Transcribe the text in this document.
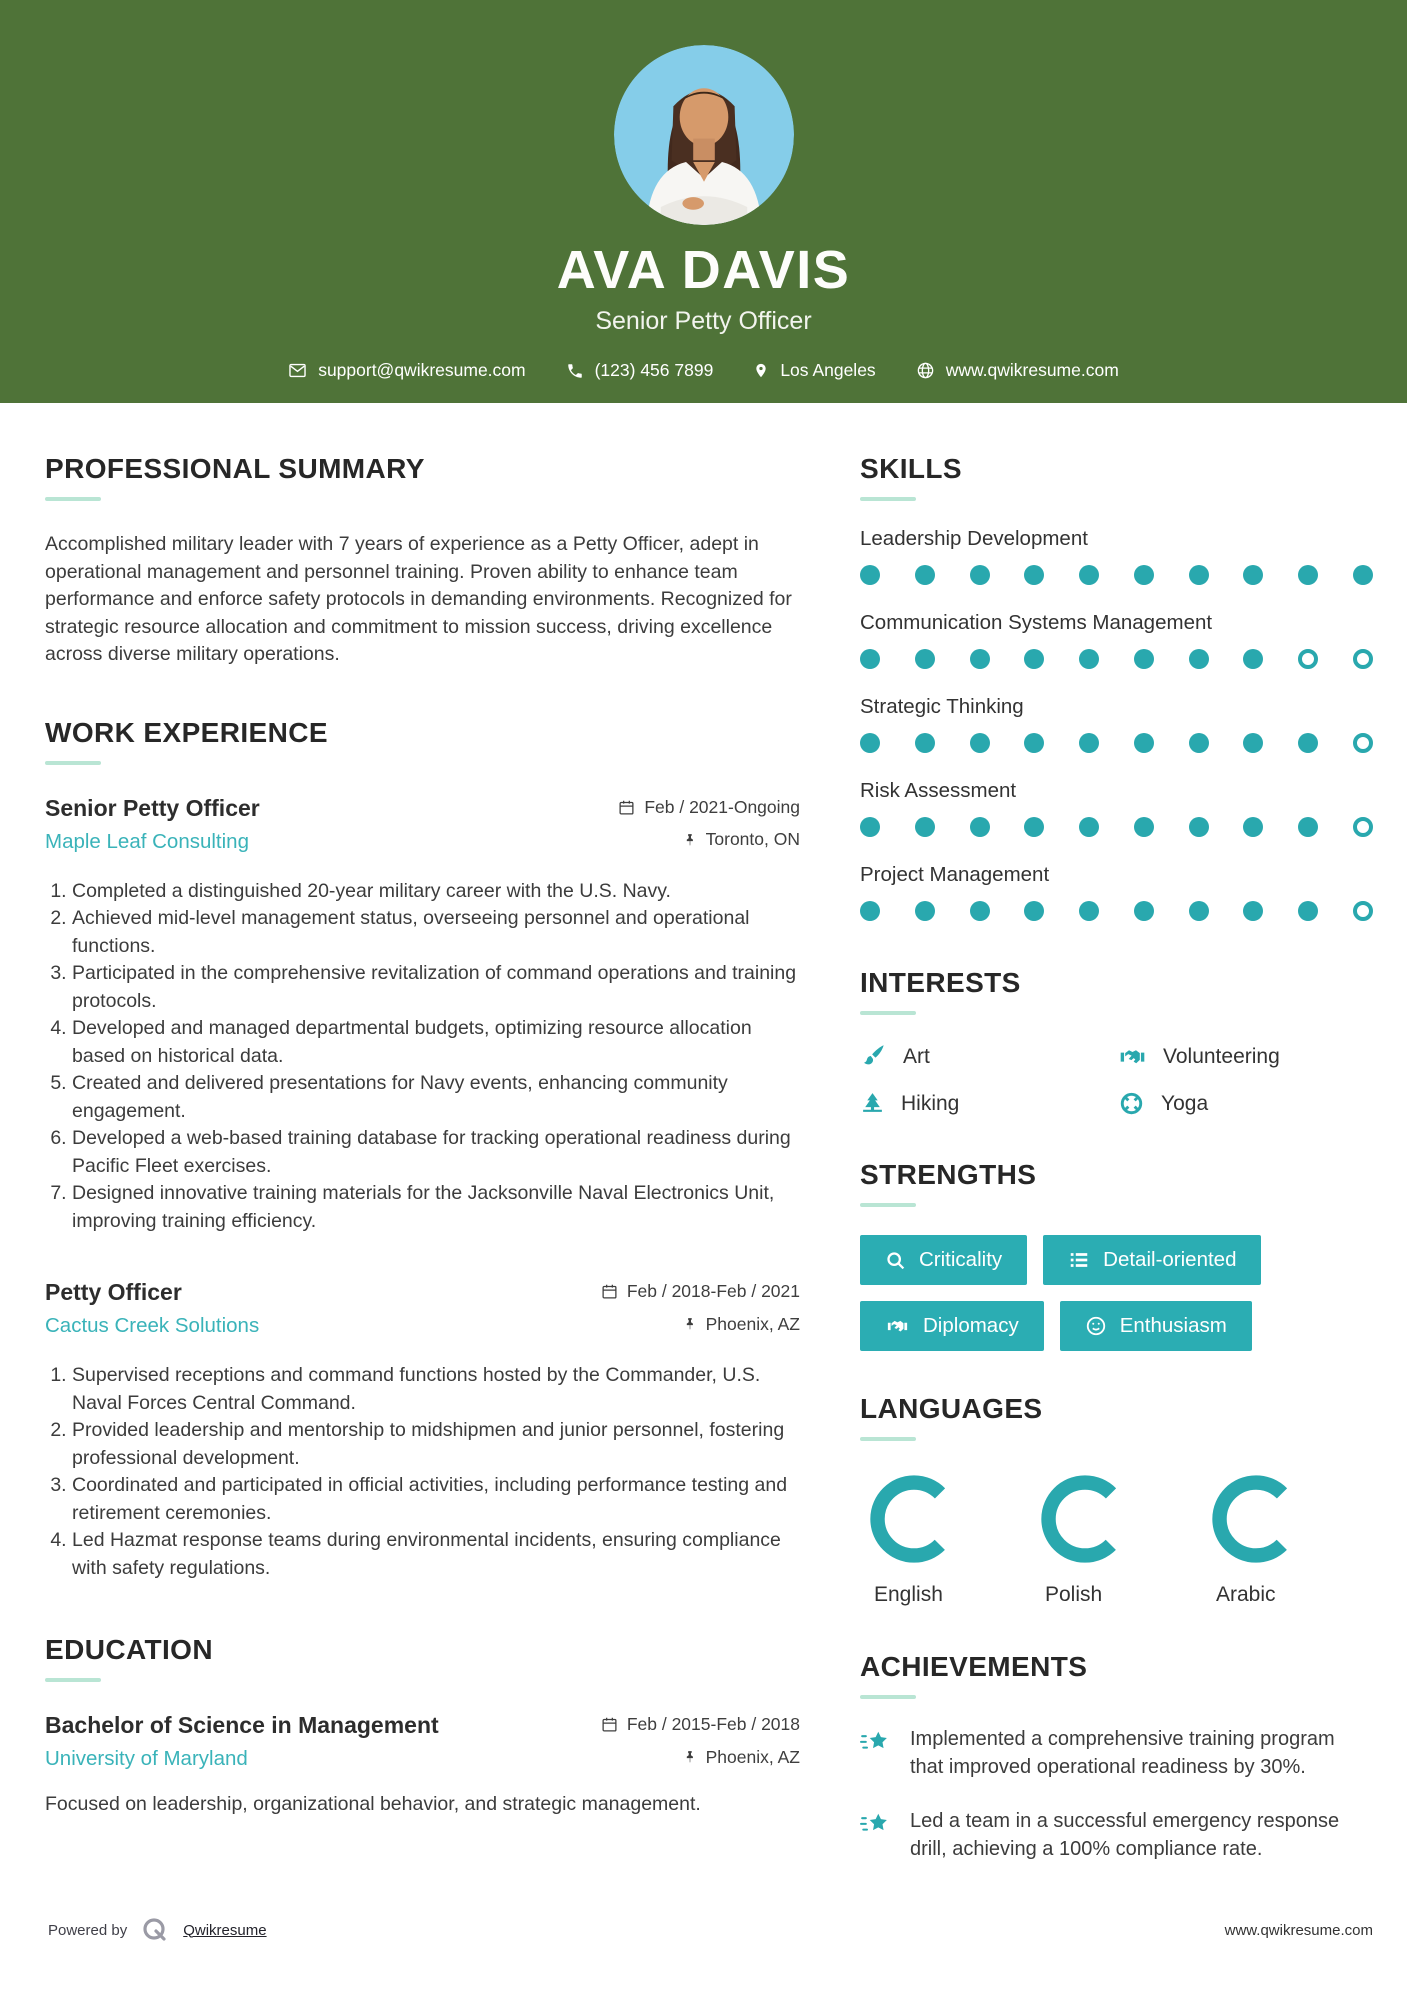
AVA DAVIS
Senior Petty Officer
support@qwikresume.com	(123) 456 7899	Los Angeles	www.qwikresume.com
PROFESSIONAL SUMMARY

Accomplished military leader with 7 years of experience as a Petty Officer, adept in operational management and personnel training. Proven ability to enhance team performance and enforce safety protocols in demanding environments. Recognized for strategic resource allocation and commitment to mission success, driving excellence across diverse military operations.

WORK EXPERIENCE
Senior Petty Officer	Feb / 2021-Ongoing
Maple Leaf Consulting	Toronto, ON
1. Completed a distinguished 20-year military career with the U.S. Navy.
2. Achieved mid-level management status, overseeing personnel and operational functions.
3. Participated in the comprehensive revitalization of command operations and training protocols.
4. Developed and managed departmental budgets, optimizing resource allocation based on historical data.
5. Created and delivered presentations for Navy events, enhancing community engagement.
6. Developed a web-based training database for tracking operational readiness during Pacific Fleet exercises.
7. Designed innovative training materials for the Jacksonville Naval Electronics Unit, improving training efficiency.
Petty Officer	Feb / 2018-Feb / 2021
Cactus Creek Solutions	Phoenix, AZ
1. Supervised receptions and command functions hosted by the Commander, U.S. Naval Forces Central Command.
2. Provided leadership and mentorship to midshipmen and junior personnel, fostering professional development.
3. Coordinated and participated in official activities, including performance testing and retirement ceremonies.
4. Led Hazmat response teams during environmental incidents, ensuring compliance with safety regulations.
EDUCATION
Bachelor of Science in Management	Feb / 2015-Feb / 2018
University of Maryland	Phoenix, AZ

Focused on leadership, organizational behavior, and strategic management.

SKILLS
Leadership Development
Communication Systems Management
Strategic Thinking
Risk Assessment
Project Management
INTERESTS
Art	Volunteering
Hiking	Yoga
STRENGTHS
Criticality	Detail-oriented
Diplomacy	Enthusiasm
LANGUAGES
English	Polish	Arabic
ACHIEVEMENTS

Implemented a comprehensive training program that improved operational readiness by 30%.

Led a team in a successful emergency response drill, achieving a 100% compliance rate.

Powered by	Qwikresume	www.qwikresume.com
